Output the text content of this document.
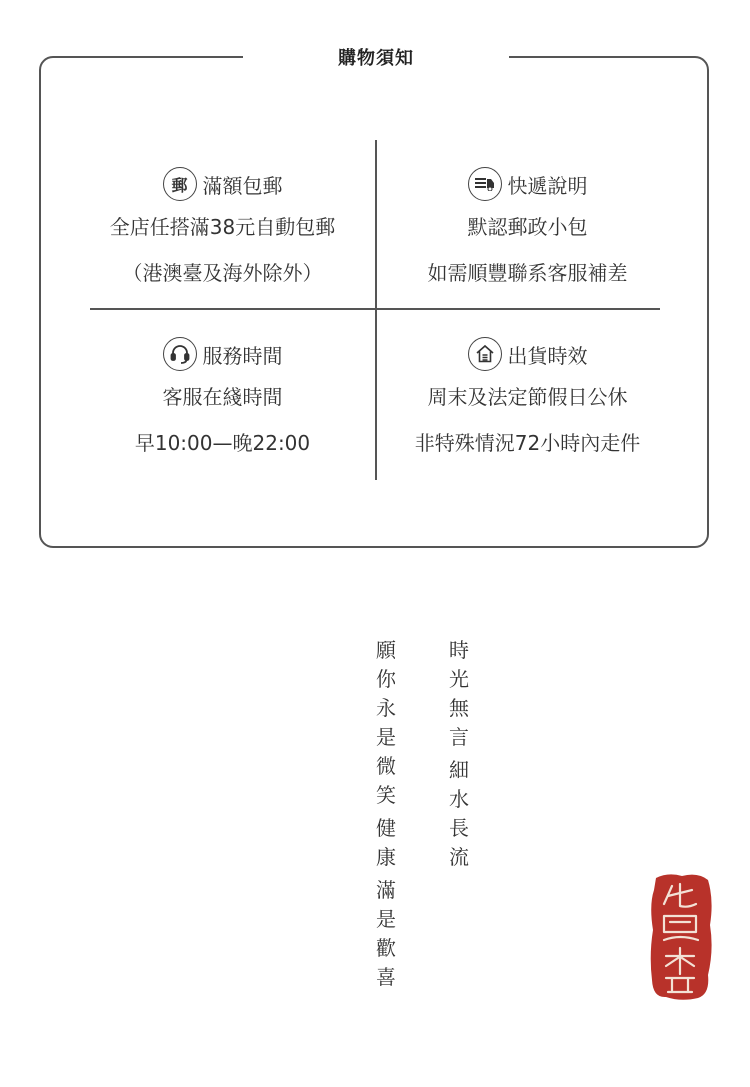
購物須知
郵 滿額包郵
全店任搭滿38元自動包郵
（港澳臺及海外除外）
快遞說明
默認郵政小包
如需順豐聯系客服補差
服務時間
客服在綫時間
早10:00—晚22:00
出貨時效
周末及法定節假日公休
非特殊情況72小時內走件
時
光
無
言
細
水
長
流
願
你
永
是
微
笑
健
康
滿
是
歡
喜
